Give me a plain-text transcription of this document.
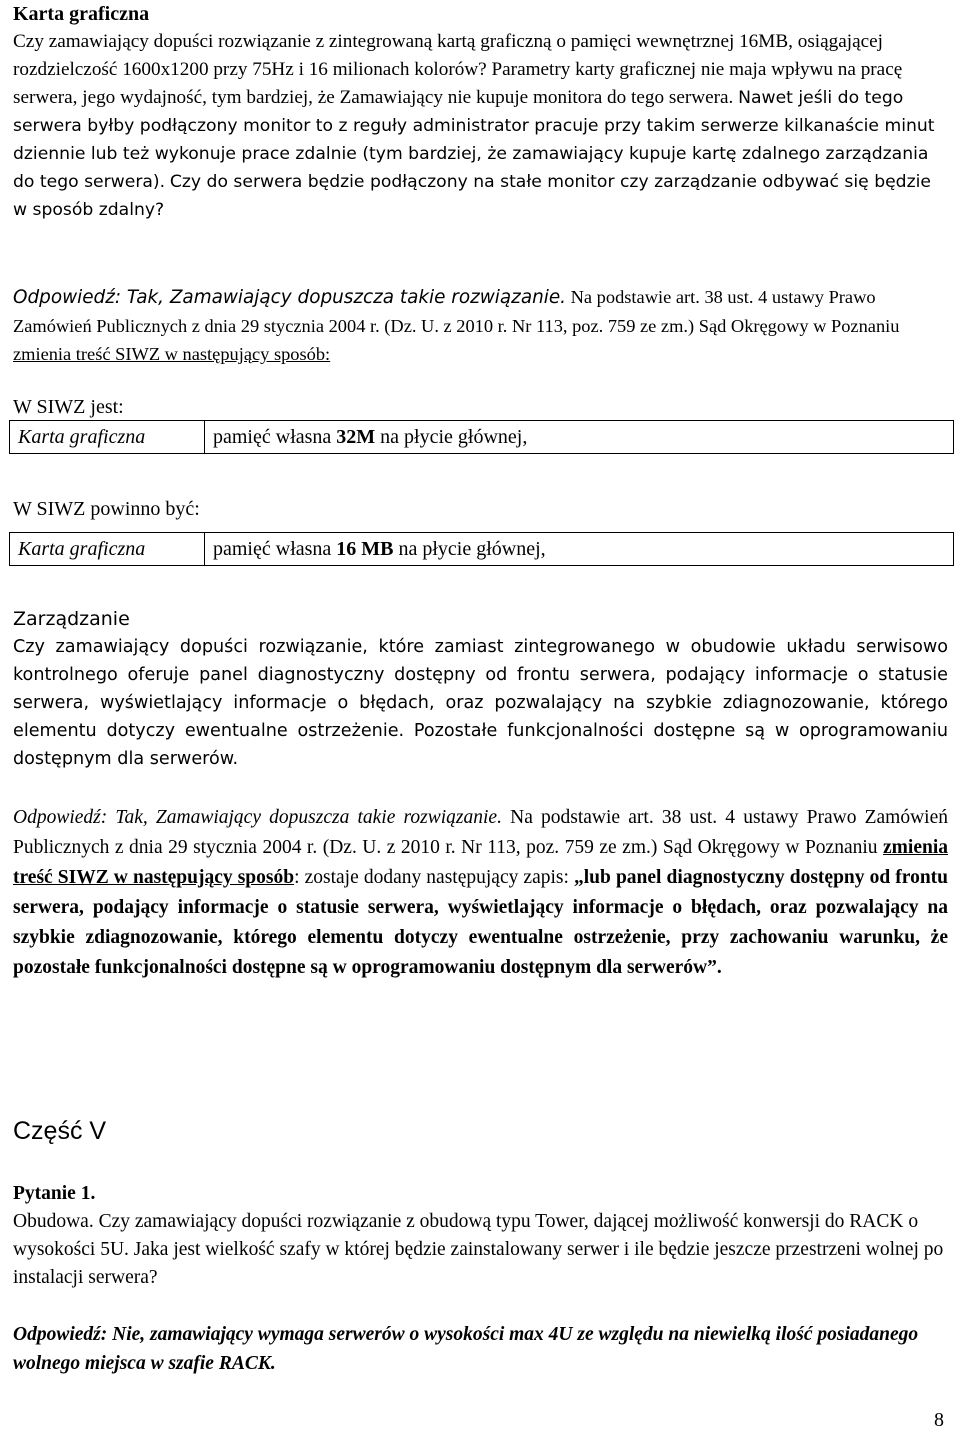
Karta graficzna
Czy zamawiający dopuści rozwiązanie z zintegrowaną kartą graficzną o pamięci wewnętrznej 16MB, osiągającej rozdzielczość 1600x1200 przy 75Hz i 16 milionach kolorów? Parametry karty graficznej nie maja wpływu na pracę serwera, jego wydajność, tym bardziej, że Zamawiający nie kupuje monitora do tego serwera. Nawet jeśli do tego serwera byłby podłączony monitor to z reguły administrator pracuje przy takim serwerze kilkanaście minut dziennie lub też wykonuje prace zdalnie (tym bardziej, że zamawiający kupuje kartę zdalnego zarządzania do tego serwera). Czy do serwera będzie podłączony na stałe monitor czy zarządzanie odbywać się będzie w sposób zdalny?
Odpowiedź: Tak, Zamawiający dopuszcza takie rozwiązanie. Na podstawie art. 38 ust. 4 ustawy Prawo Zamówień Publicznych z dnia 29 stycznia 2004 r. (Dz. U. z 2010 r. Nr 113, poz. 759 ze zm.) Sąd Okręgowy w Poznaniu zmienia treść SIWZ w następujący sposób:
W SIWZ jest:
Karta graficzna	pamięć własna 32M na płycie głównej,
W SIWZ powinno być:
Karta graficzna	pamięć własna 16 MB na płycie głównej,
Zarządzanie
Czy zamawiający dopuści rozwiązanie, które zamiast zintegrowanego w obudowie układu serwisowo kontrolnego oferuje panel diagnostyczny dostępny od frontu serwera, podający informacje o statusie serwera, wyświetlający informacje o błędach, oraz pozwalający na szybkie zdiagnozowanie, którego elementu dotyczy ewentualne ostrzeżenie. Pozostałe funkcjonalności dostępne są w oprogramowaniu dostępnym dla serwerów.
Odpowiedź: Tak, Zamawiający dopuszcza takie rozwiązanie. Na podstawie art. 38 ust. 4 ustawy Prawo Zamówień Publicznych z dnia 29 stycznia 2004 r. (Dz. U. z 2010 r. Nr 113, poz. 759 ze zm.) Sąd Okręgowy w Poznaniu zmienia treść SIWZ w następujący sposób: zostaje dodany następujący zapis: „lub panel diagnostyczny dostępny od frontu serwera, podający informacje o statusie serwera, wyświetlający informacje o błędach, oraz pozwalający na szybkie zdiagnozowanie, którego elementu dotyczy ewentualne ostrzeżenie, przy zachowaniu warunku, że pozostałe funkcjonalności dostępne są w oprogramowaniu dostępnym dla serwerów”.
Część V
Pytanie 1.
Obudowa. Czy zamawiający dopuści rozwiązanie z obudową typu Tower, dającej możliwość konwersji do RACK o wysokości 5U. Jaka jest wielkość szafy w której będzie zainstalowany serwer i ile będzie jeszcze przestrzeni wolnej po instalacji serwera?
Odpowiedź: Nie, zamawiający wymaga serwerów o wysokości max 4U ze względu na niewielką ilość posiadanego wolnego miejsca w szafie RACK.
8
